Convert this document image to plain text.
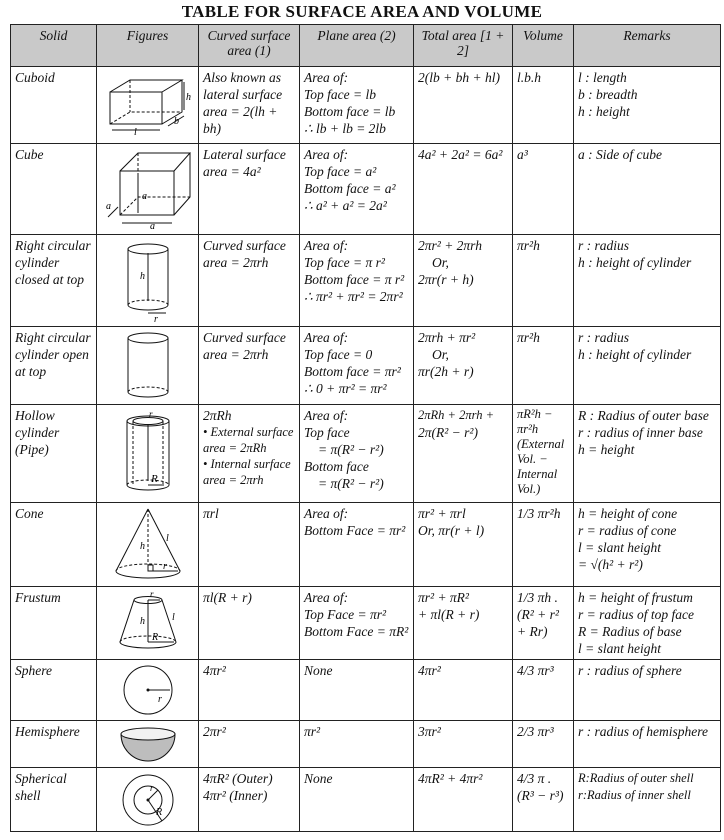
TABLE FOR SURFACE AREA AND VOLUME
Solid	Figures	Curved surface area (1)	Plane area (2)	Total area [1 + 2]	Volume	Remarks
Cuboid	l
b
h	Also known as lateral surface area = 2(lh + bh)	Area of:
Top face = lb
Bottom face = lb
∴ lb + lb = 2lb	2(lb + bh + hl)	l.b.h	l : length
b : breadth
h : height

Cube	a
a
a	Lateral surface area = 4a²	Area of:
Top face = a²
Bottom face = a²
∴ a² + a² = 2a²	4a² + 2a² = 6a²	a³	a : Side of cube

Right circular cylinder closed at top	h
r	Curved surface area = 2πrh	Area of:
Top face = π r²
Bottom face = π r²
∴ πr² + πr² = 2πr²	2πr² + 2πrh
Or,
2πr(r + h)	πr²h	r : radius
h : height of cylinder

Right circular cylinder open at top		Curved surface area = 2πrh	Area of:
Top face = 0
Bottom face = πr²
∴ 0 + πr² = πr²	2πrh + πr²
Or,
πr(2h + r)	πr²h	r : radius
h : height of cylinder

Hollow cylinder (Pipe)	r
R	2πRh
• External surface area = 2πRh
• Internal surface area = 2πrh	Area of:
Top face
= π(R² − r²)
Bottom face
= π(R² − r²)	2πRh + 2πrh +
2π(R² − r²)	πR²h −
πr²h
(External Vol. −
Internal Vol.)	R : Radius of outer base
r : radius of inner base
h = height

Cone	h
l
r	πrl	Area of:
Bottom Face = πr²	πr² + πrl
Or, πr(r + l)	1/3 πr²h	h = height of cone
r = radius of cone
l = slant height
= √(h² + r²)

Frustum	r
h
R
l	πl(R + r)	Area of:
Top Face = πr²
Bottom Face = πR²	πr² + πR²
+ πl(R + r)	1/3 πh .
(R² + r²
+ Rr)	h = height of frustum
r = radius of top face
R = Radius of base
l = slant height

Sphere	r	4πr²	None	4πr²	4/3 πr³	r : radius of sphere

Hemisphere		2πr²	πr²	3πr²	2/3 πr³	r : radius of hemisphere

Spherical shell	r
R	4πR² (Outer)
4πr² (Inner)	None	4πR² + 4πr²	4/3 π .
(R³ − r³)	R:Radius of outer shell
r:Radius of inner shell
